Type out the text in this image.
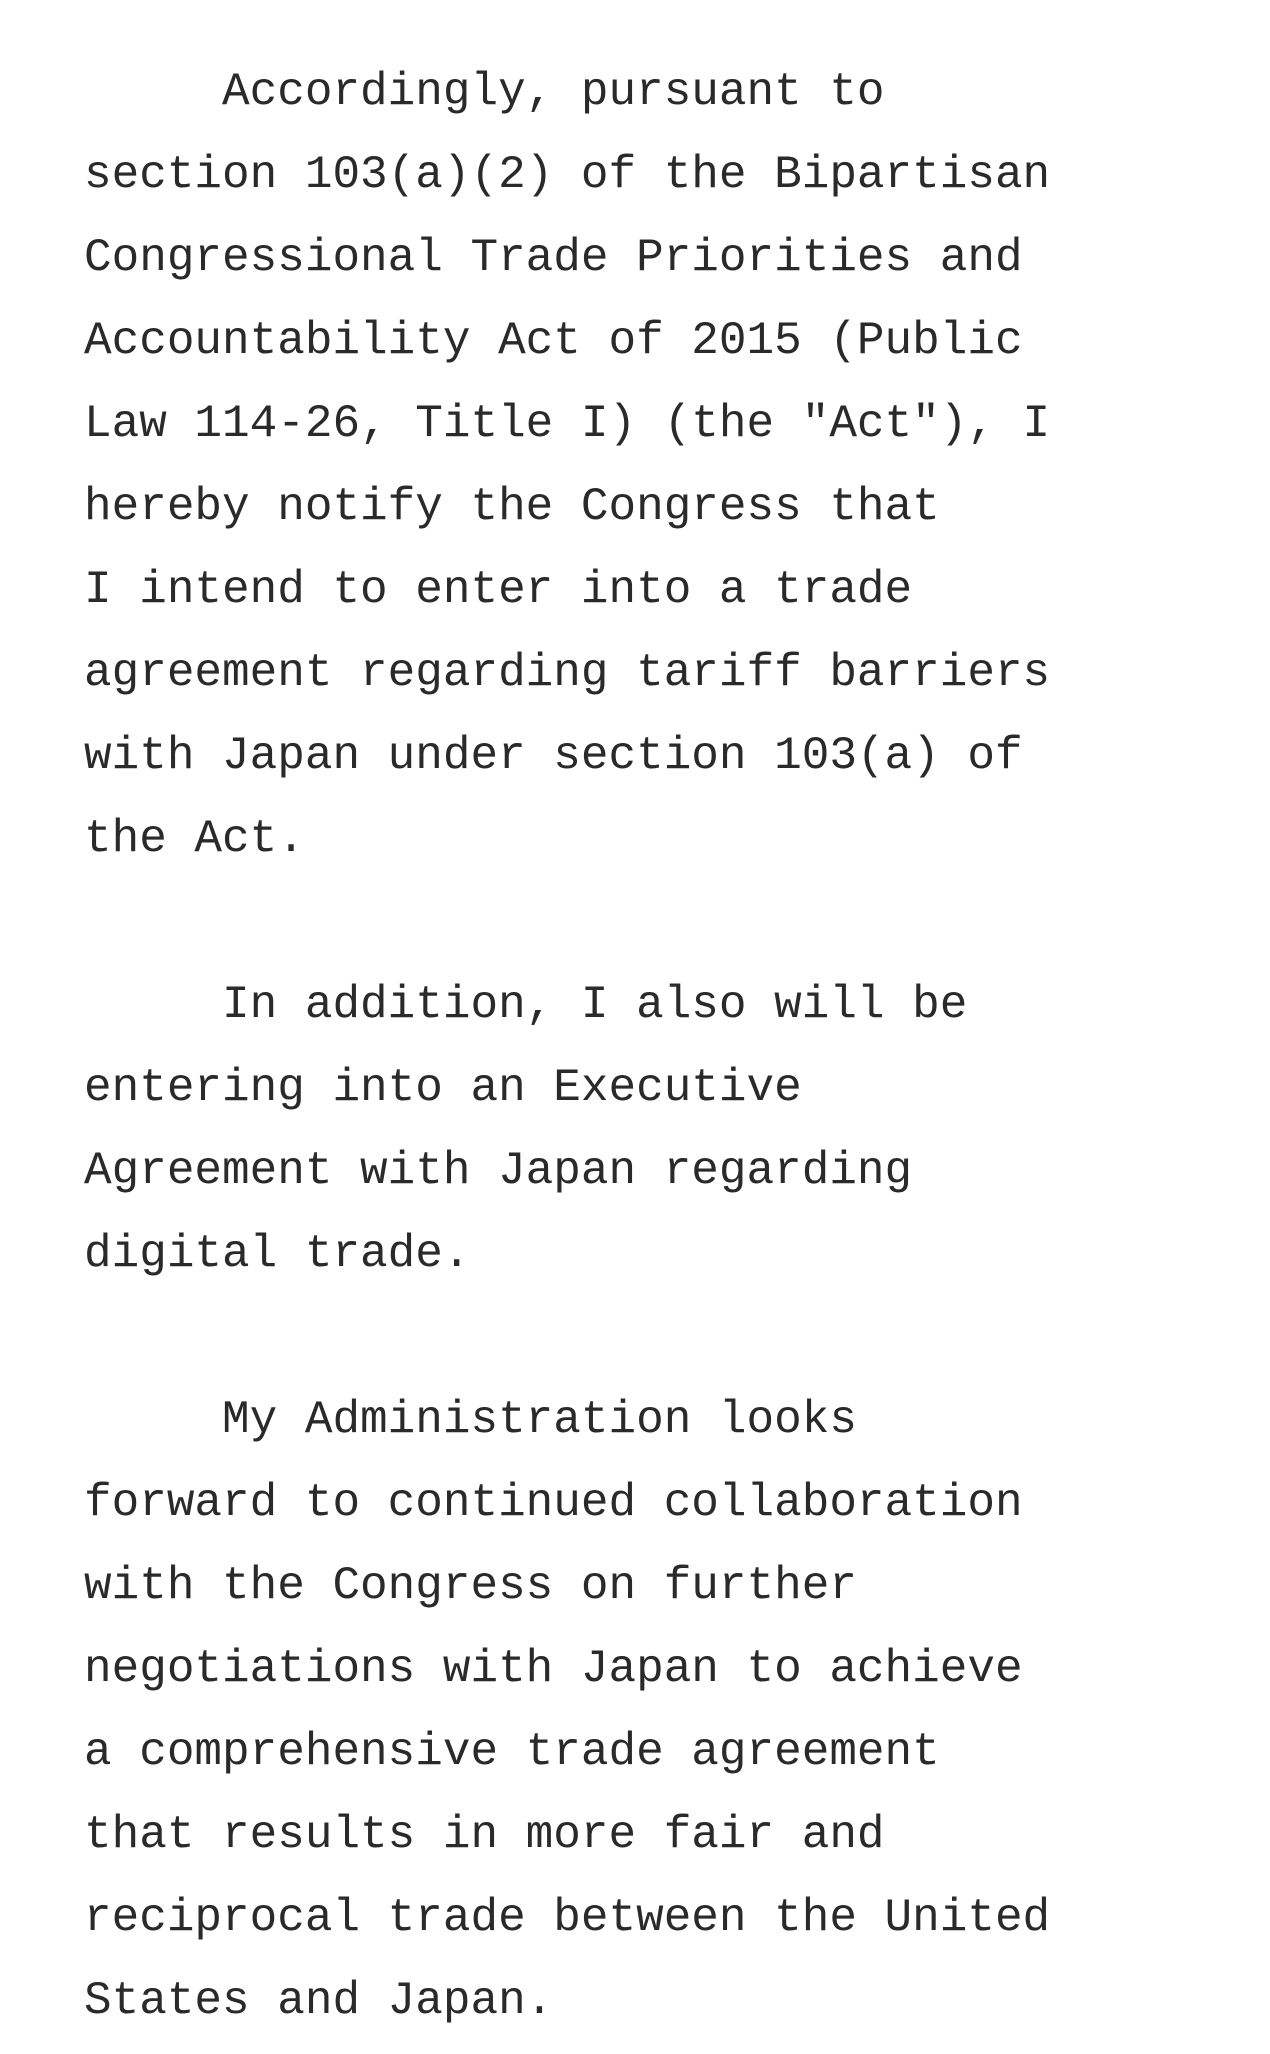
Accordingly, pursuant to
section 103(a)(2) of the Bipartisan
Congressional Trade Priorities and
Accountability Act of 2015 (Public
Law 114-26, Title I) (the "Act"), I
hereby notify the Congress that
I intend to enter into a trade
agreement regarding tariff barriers
with Japan under section 103(a) of
the Act.
In addition, I also will be
entering into an Executive
Agreement with Japan regarding
digital trade.
My Administration looks
forward to continued collaboration
with the Congress on further
negotiations with Japan to achieve
a comprehensive trade agreement
that results in more fair and
reciprocal trade between the United
States and Japan.
